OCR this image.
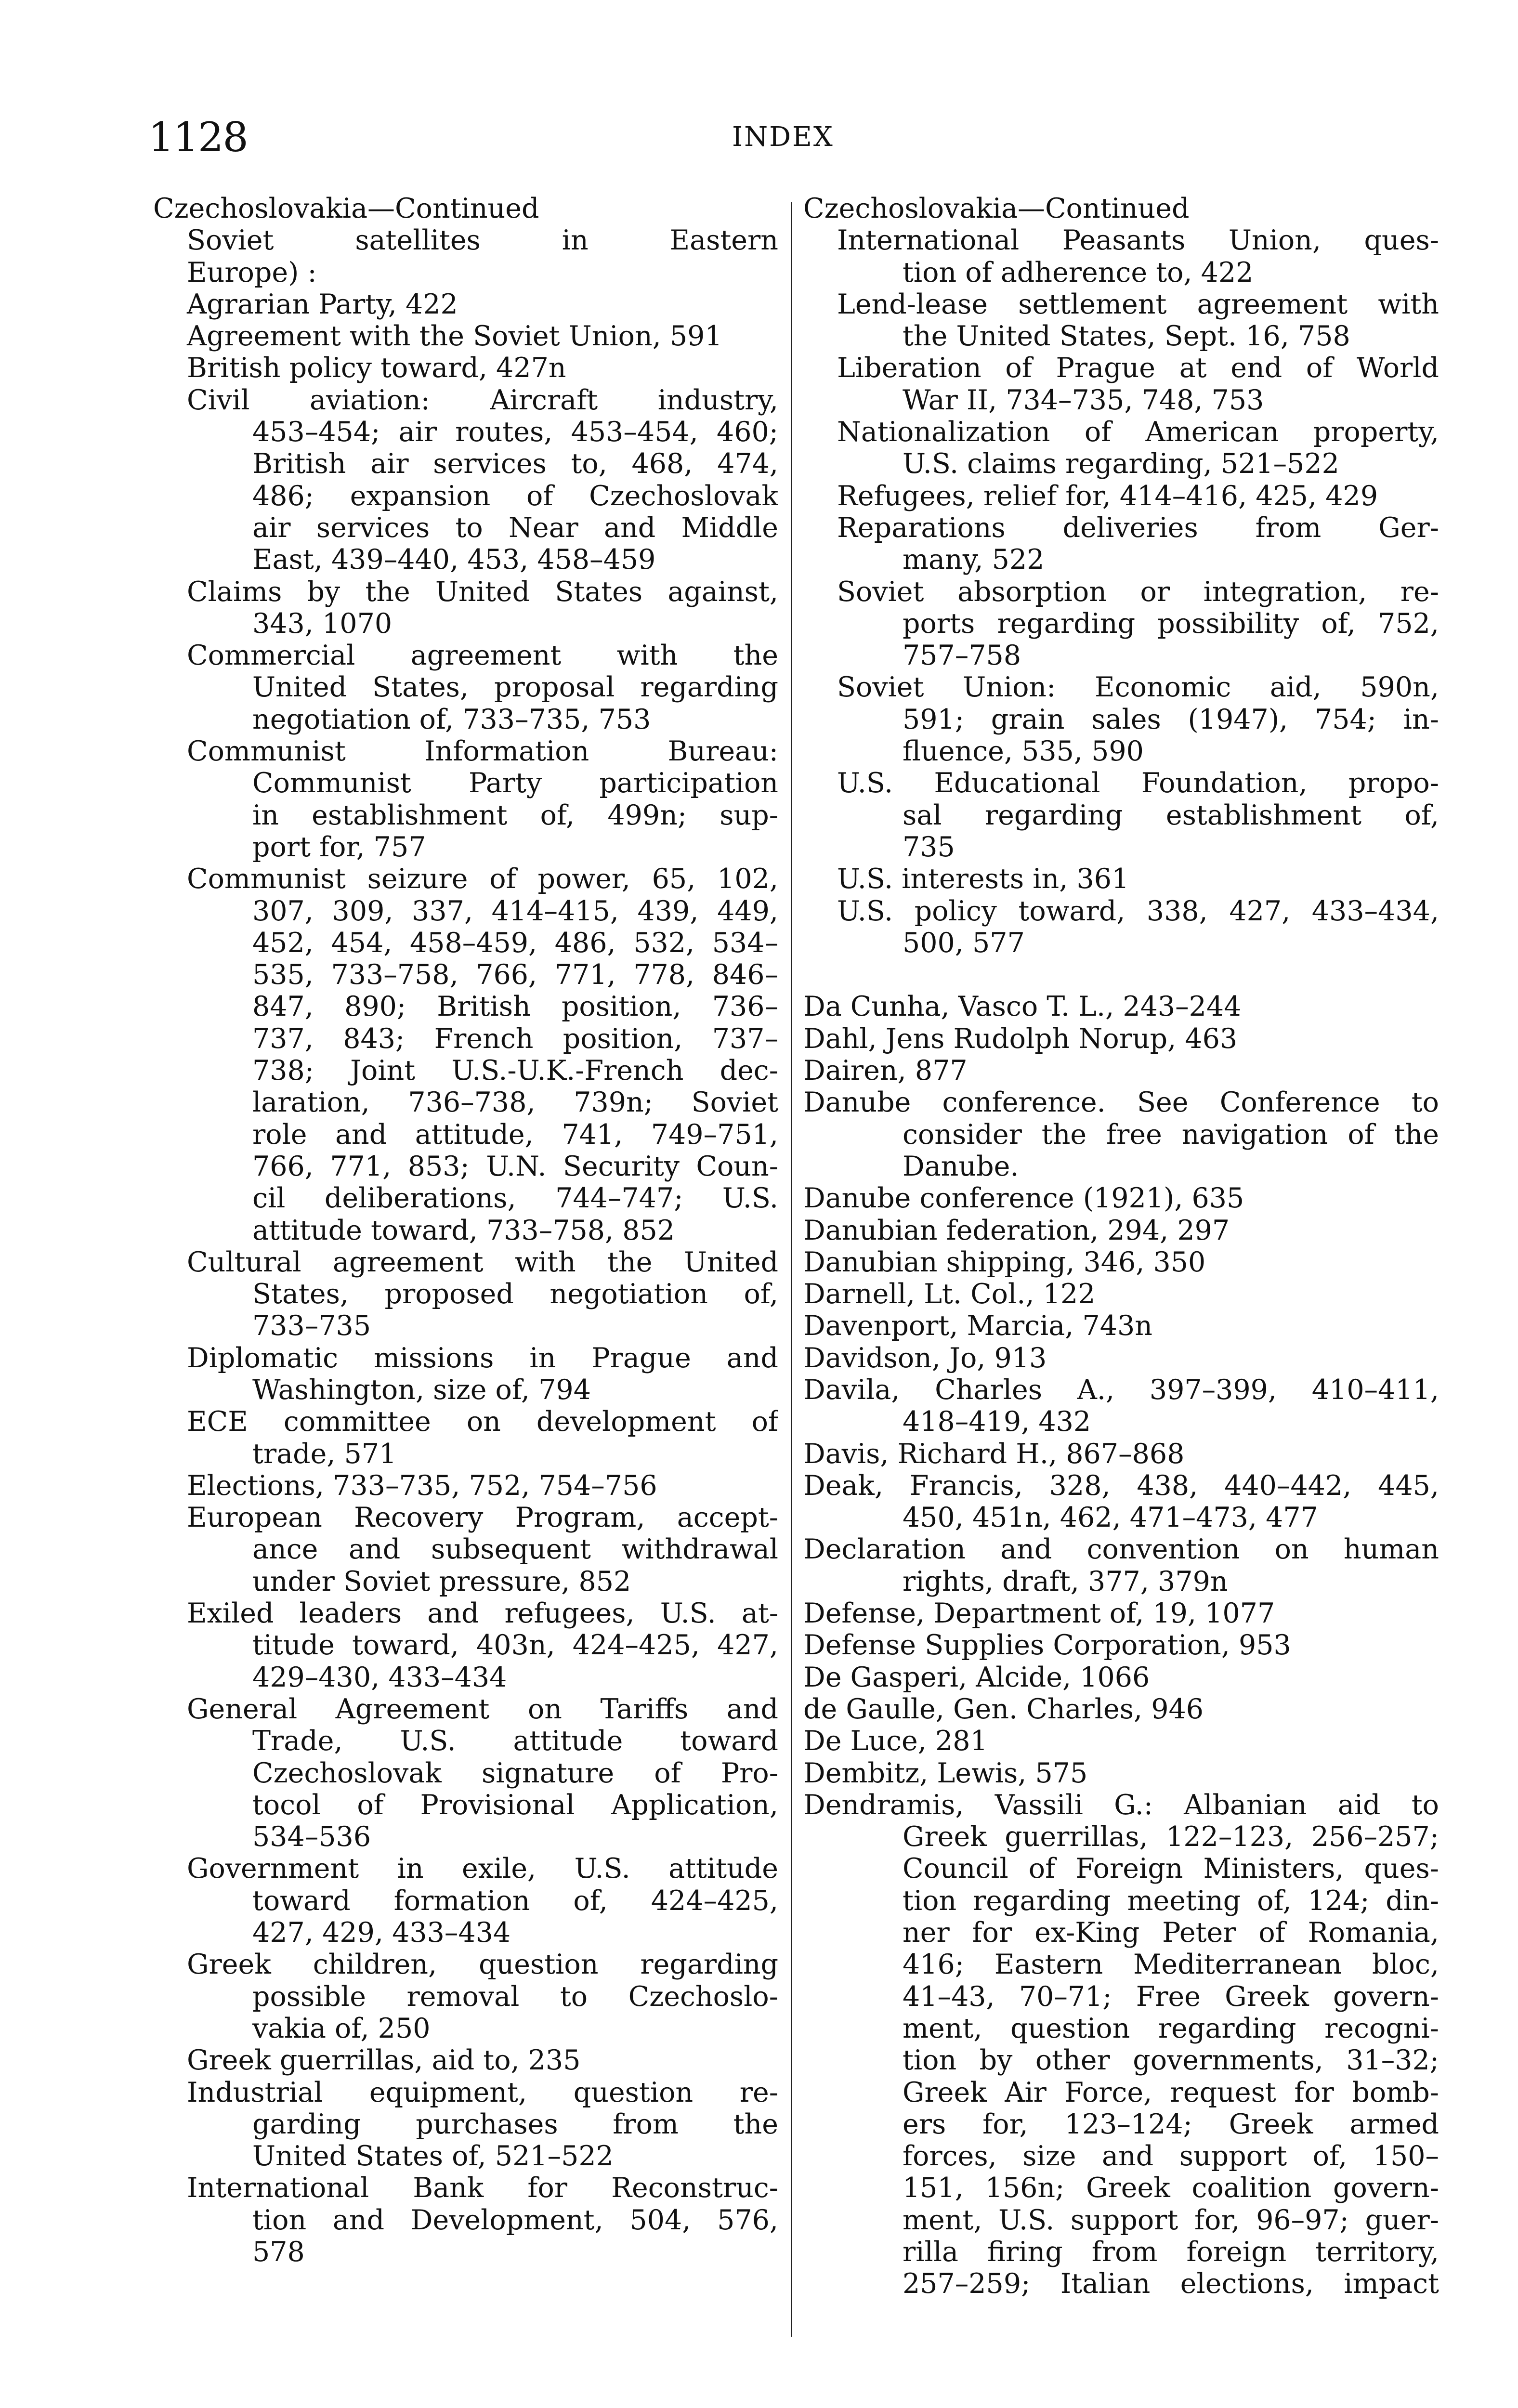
1128	INDEX
Czechoslovakia—Continued
Soviet satellites in Eastern
Europe) :
Agrarian Party, 422
Agreement with the Soviet Union, 591
British policy toward, 427n
Civil aviation: Aircraft industry,
453–454; air routes, 453–454, 460;
British air services to, 468, 474,
486; expansion of Czechoslovak
air services to Near and Middle
East, 439–440, 453, 458–459
Claims by the United States against,
343, 1070
Commercial agreement with the
United States, proposal regarding
negotiation of, 733–735, 753
Communist Information Bureau:
Communist Party participation
in establishment of, 499n; sup-
port for, 757
Communist seizure of power, 65, 102,
307, 309, 337, 414–415, 439, 449,
452, 454, 458–459, 486, 532, 534–
535, 733–758, 766, 771, 778, 846–
847, 890; British position, 736–
737, 843; French position, 737–
738; Joint U.S.-U.K.-French dec-
laration, 736–738, 739n; Soviet
role and attitude, 741, 749–751,
766, 771, 853; U.N. Security Coun-
cil deliberations, 744–747; U.S.
attitude toward, 733–758, 852
Cultural agreement with the United
States, proposed negotiation of,
733–735
Diplomatic missions in Prague and
Washington, size of, 794
ECE committee on development of
trade, 571
Elections, 733–735, 752, 754–756
European Recovery Program, accept-
ance and subsequent withdrawal
under Soviet pressure, 852
Exiled leaders and refugees, U.S. at-
titude toward, 403n, 424–425, 427,
429–430, 433–434
General Agreement on Tariffs and
Trade, U.S. attitude toward
Czechoslovak signature of Pro-
tocol of Provisional Application,
534–536
Government in exile, U.S. attitude
toward formation of, 424–425,
427, 429, 433–434
Greek children, question regarding
possible removal to Czechoslo-
vakia of, 250
Greek guerrillas, aid to, 235
Industrial equipment, question re-
garding purchases from the
United States of, 521–522
International Bank for Reconstruc-
tion and Development, 504, 576,
578
Czechoslovakia—Continued
International Peasants Union, ques-
tion of adherence to, 422
Lend-lease settlement agreement with
the United States, Sept. 16, 758
Liberation of Prague at end of World
War II, 734–735, 748, 753
Nationalization of American property,
U.S. claims regarding, 521–522
Refugees, relief for, 414–416, 425, 429
Reparations deliveries from Ger-
many, 522
Soviet absorption or integration, re-
ports regarding possibility of, 752,
757–758
Soviet Union: Economic aid, 590n,
591; grain sales (1947), 754; in-
fluence, 535, 590
U.S. Educational Foundation, propo-
sal regarding establishment of,
735
U.S. interests in, 361
U.S. policy toward, 338, 427, 433–434,
500, 577
Da Cunha, Vasco T. L., 243–244
Dahl, Jens Rudolph Norup, 463
Dairen, 877
Danube conference. See Conference to
consider the free navigation of the
Danube.
Danube conference (1921), 635
Danubian federation, 294, 297
Danubian shipping, 346, 350
Darnell, Lt. Col., 122
Davenport, Marcia, 743n
Davidson, Jo, 913
Davila, Charles A., 397–399, 410–411,
418–419, 432
Davis, Richard H., 867–868
Deak, Francis, 328, 438, 440–442, 445,
450, 451n, 462, 471–473, 477
Declaration and convention on human
rights, draft, 377, 379n
Defense, Department of, 19, 1077
Defense Supplies Corporation, 953
De Gasperi, Alcide, 1066
de Gaulle, Gen. Charles, 946
De Luce, 281
Dembitz, Lewis, 575
Dendramis, Vassili G.: Albanian aid to
Greek guerrillas, 122–123, 256–257;
Council of Foreign Ministers, ques-
tion regarding meeting of, 124; din-
ner for ex-King Peter of Romania,
416; Eastern Mediterranean bloc,
41–43, 70–71; Free Greek govern-
ment, question regarding recogni-
tion by other governments, 31–32;
Greek Air Force, request for bomb-
ers for, 123–124; Greek armed
forces, size and support of, 150–
151, 156n; Greek coalition govern-
ment, U.S. support for, 96–97; guer-
rilla firing from foreign territory,
257–259; Italian elections, impact
